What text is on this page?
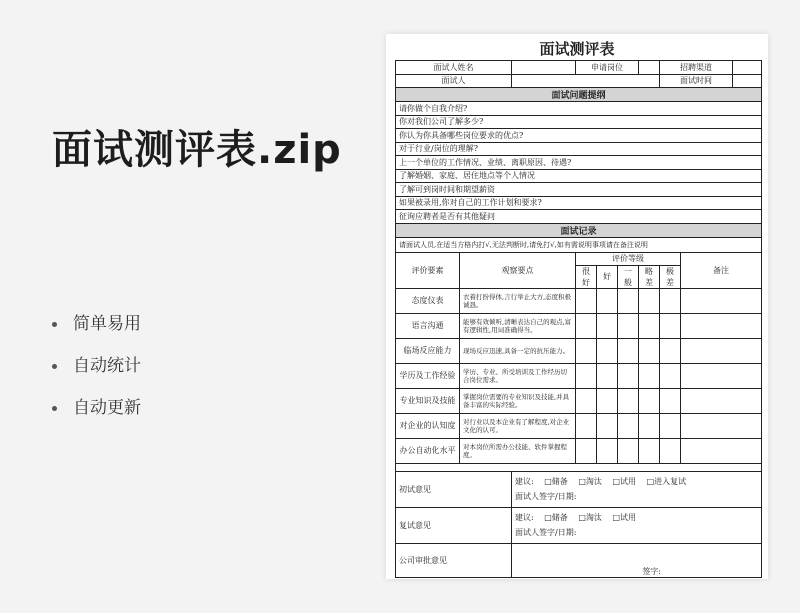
面试测评表.zip
简单易用
自动统计
自动更新
面试测评表
面试人姓名			申请岗位				招聘渠道		
面试人							面试时间		
面试问题提纲									
请你做个自我介绍?									
你对我们公司了解多少?									
你认为你具备哪些岗位要求的优点?									
对于行业/岗位的理解?									
上一个单位的工作情况、业绩、离职原因、待遇?									
了解婚姻、家庭、居住地点等个人情况									
了解可到岗时间和期望薪资									
如果被录用,你对自己的工作计划和要求?									
征询应聘者是否有其他疑问									
面试记录									
请面试人员,在适当方格内打√,无法判断时,请免打√,如有需说明事项请在备注说明									
评价要素	观察要点		评价等级					备注	
			很好	好	一般	略差	极差		
态度仪表	衣着打扮得体,言行举止大方,态度积极诚恳。								
语言沟通	能够有效倾听,清晰表达自己的观点,富有逻辑性,用词准确得当。								
临场反应能力	现场反应迅速,具备一定的抗压能力。								
学历及工作经验	学历、专业、所受培训及工作经历切合岗位需求。								
专业知识及技能	掌握岗位需要的专业知识及技能,并具备丰富的实际经验。								
对企业的认知度	对行业以及本企业有了解程度,对企业文化的认可。								
办公自动化水平	对本岗位所需办公技能、软件掌握程度。								

初试意见		建议: □储备 □淘汰 □试用 □进入复试
面试人签字/日期:							

复试意见		建议: □储备 □淘汰 □试用
面试人签字/日期:							

公司审批意见		签字:							
